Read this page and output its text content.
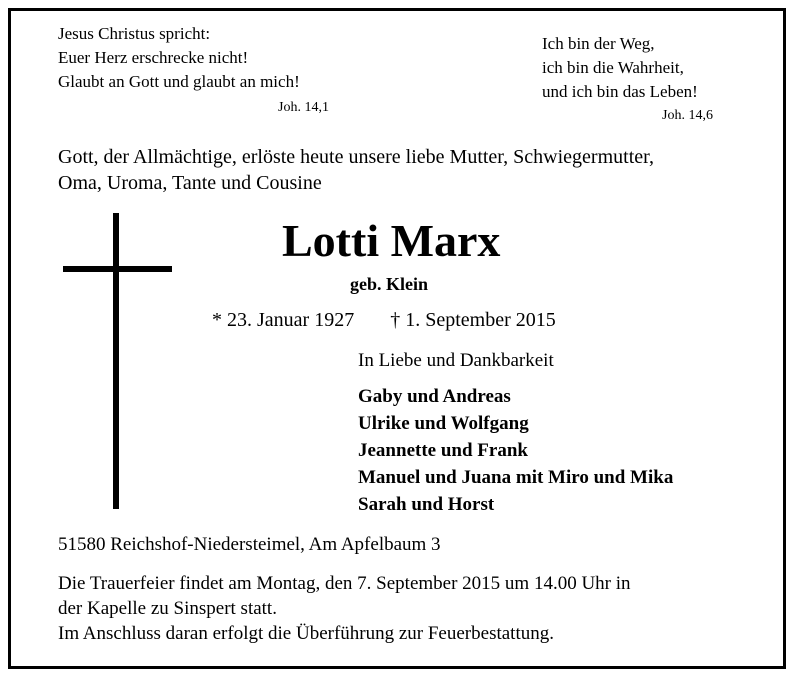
Jesus Christus spricht:
Euer Herz erschrecke nicht!
Glaubt an Gott und glaubt an mich!
Joh. 14,1
Ich bin der Weg,
ich bin die Wahrheit,
und ich bin das Leben!
Joh. 14,6
Gott, der Allmächtige, erlöste heute unsere liebe Mutter, Schwiegermutter,
Oma, Uroma, Tante und Cousine
Lotti Marx
geb. Klein
* 23. Januar 1927 † 1. September 2015
In Liebe und Dankbarkeit
Gaby und Andreas
Ulrike und Wolfgang
Jeannette und Frank
Manuel und Juana mit Miro und Mika
Sarah und Horst
51580 Reichshof-Niedersteimel, Am Apfelbaum 3
Die Trauerfeier findet am Montag, den 7. September 2015 um 14.00 Uhr in
der Kapelle zu Sinspert statt.
Im Anschluss daran erfolgt die Überführung zur Feuerbestattung.
